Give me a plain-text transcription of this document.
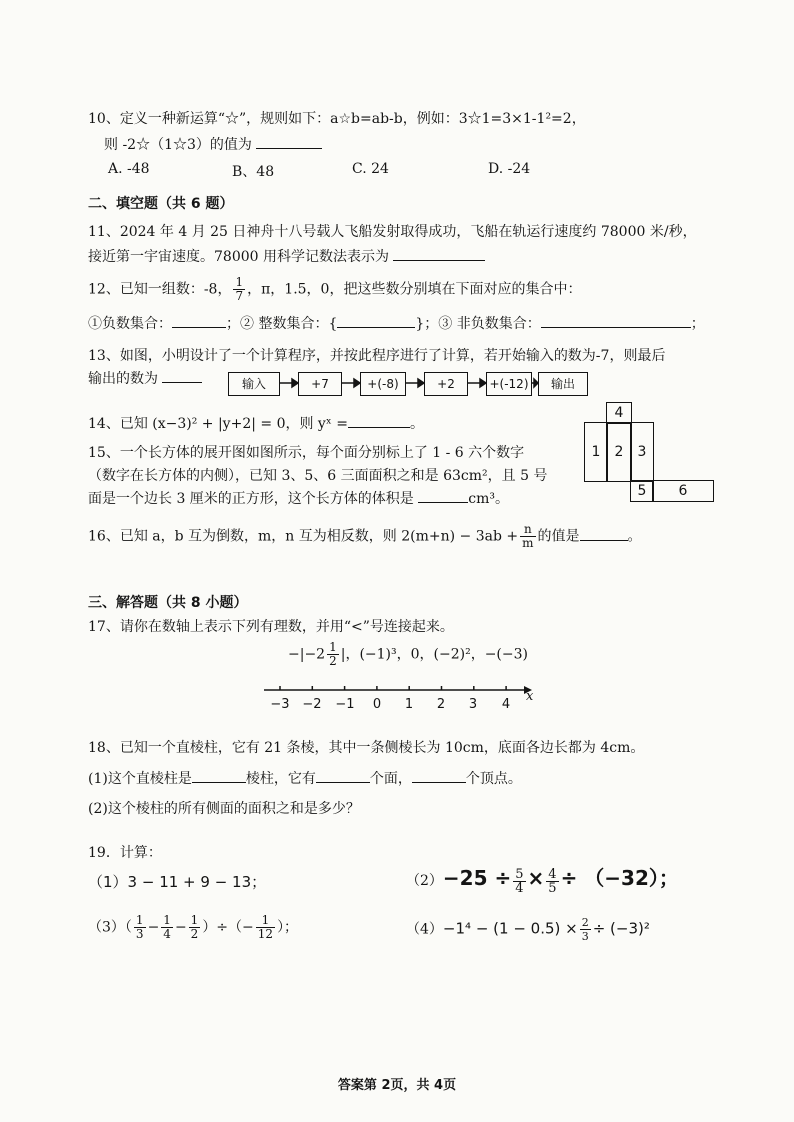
10、定义一种新运算“☆”，规则如下：a☆b=ab-b，例如：3☆1=3×1-1²=2，
则 -2☆（1☆3）的值为
A. -48	B、48	C. 24	D. -24
二、填空题（共 6 题）
11、2024 年 4 月 25 日神舟十八号载人飞船发射取得成功，飞船在轨运行速度约 78000 米/秒，
接近第一宇宙速度。78000 用科学记数法表示为
12、已知一组数：-8， $\frac{1}{7}$ ，π，1.5，0，把这些数分别填在下面对应的集合中：
①负数集合：	；② 整数集合：{	}；③ 非负数集合：	；
13、如图，小明设计了一个计算程序，并按此程序进行了计算，若开始输入的数为-7，则最后
输出的数为	输入	+7	+(-8)	+2	+(-12)	输出
14、已知 (x−3)² + |y+2| = 0，则 yˣ =	。
15、一个长方体的展开图如图所示，每个面分别标上了 1 - 6 六个数字
（数字在长方体的内侧），已知 3、5、6 三面面积之和是 63cm²，且 5 号
面是一个边长 3 厘米的正方形，这个长方体的体积是	cm³。
4
1	2	3
5	6
16、已知 a，b 互为倒数，m，n 互为相反数，则 $2(m+n) - 3ab + \frac{n}{m}$ 的值是	。
三、解答题（共 8 小题）
17、请你在数轴上表示下列有理数，并用“<”号连接起来。
$-|-2 \frac{1}{2}$ |，(−1)³，0，(−2)²，−(−3)
−3 −2 −1 0 1 2 3 4
x
18、已知一个直棱柱，它有 21 条棱，其中一条侧棱长为 10cm，底面各边长都为 4cm。
(1)这个直棱柱是	棱柱，它有	个面，	个顶点。
(2)这个棱柱的所有侧面的面积之和是多少？
19．计算：
（1）3 − 11 + 9 − 13；	$(2)-25 \div \frac{5}{4} \times \frac{4}{5} \div (-32)$；
$(3)( \frac{1}{3} - \frac{1}{4} - \frac{1}{2}$ ）÷（− $\frac{1}{12}$ ）；	$(4)-1^4 - (1 - 0.5) \times \frac{2}{3} \div (-3)^2$
答案第 2页，共 4页
